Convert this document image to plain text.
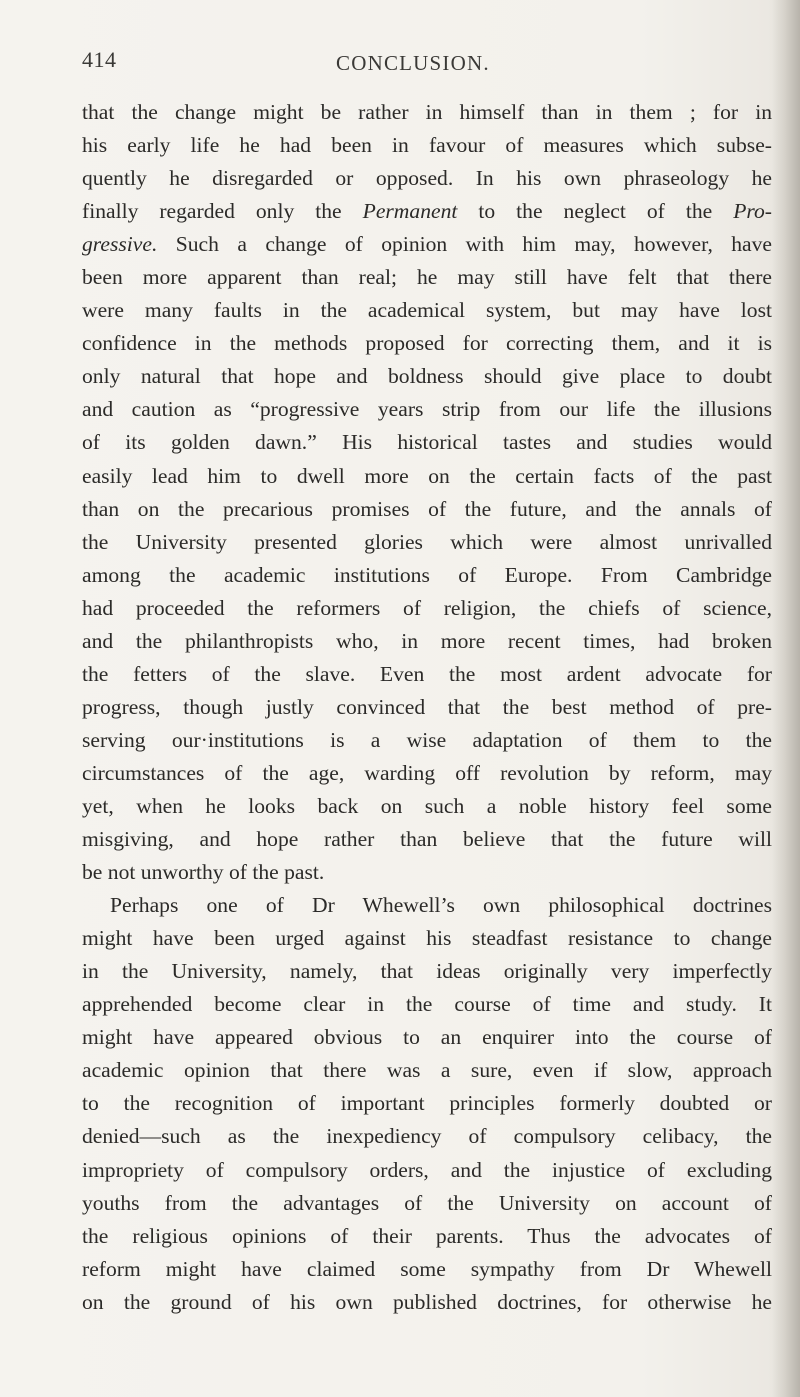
414	CONCLUSION.
that the change might be rather in himself than in them ; for in
his early life he had been in favour of measures which subse-
quently he disregarded or opposed. In his own phraseology he
finally regarded only the Permanent to the neglect of the Pro-
gressive. Such a change of opinion with him may, however, have
been more apparent than real; he may still have felt that there
were many faults in the academical system, but may have lost
confidence in the methods proposed for correcting them, and it is
only natural that hope and boldness should give place to doubt
and caution as “progressive years strip from our life the illusions
of its golden dawn.” His historical tastes and studies would
easily lead him to dwell more on the certain facts of the past
than on the precarious promises of the future, and the annals of
the University presented glories which were almost unrivalled
among the academic institutions of Europe. From Cambridge
had proceeded the reformers of religion, the chiefs of science,
and the philanthropists who, in more recent times, had broken
the fetters of the slave. Even the most ardent advocate for
progress, though justly convinced that the best method of pre-
serving our·institutions is a wise adaptation of them to the
circumstances of the age, warding off revolution by reform, may
yet, when he looks back on such a noble history feel some
misgiving, and hope rather than believe that the future will
be not unworthy of the past.
Perhaps one of Dr Whewell’s own philosophical doctrines
might have been urged against his steadfast resistance to change
in the University, namely, that ideas originally very imperfectly
apprehended become clear in the course of time and study. It
might have appeared obvious to an enquirer into the course of
academic opinion that there was a sure, even if slow, approach
to the recognition of important principles formerly doubted or
denied—such as the inexpediency of compulsory celibacy, the
impropriety of compulsory orders, and the injustice of excluding
youths from the advantages of the University on account of
the religious opinions of their parents. Thus the advocates of
reform might have claimed some sympathy from Dr Whewell
on the ground of his own published doctrines, for otherwise he
